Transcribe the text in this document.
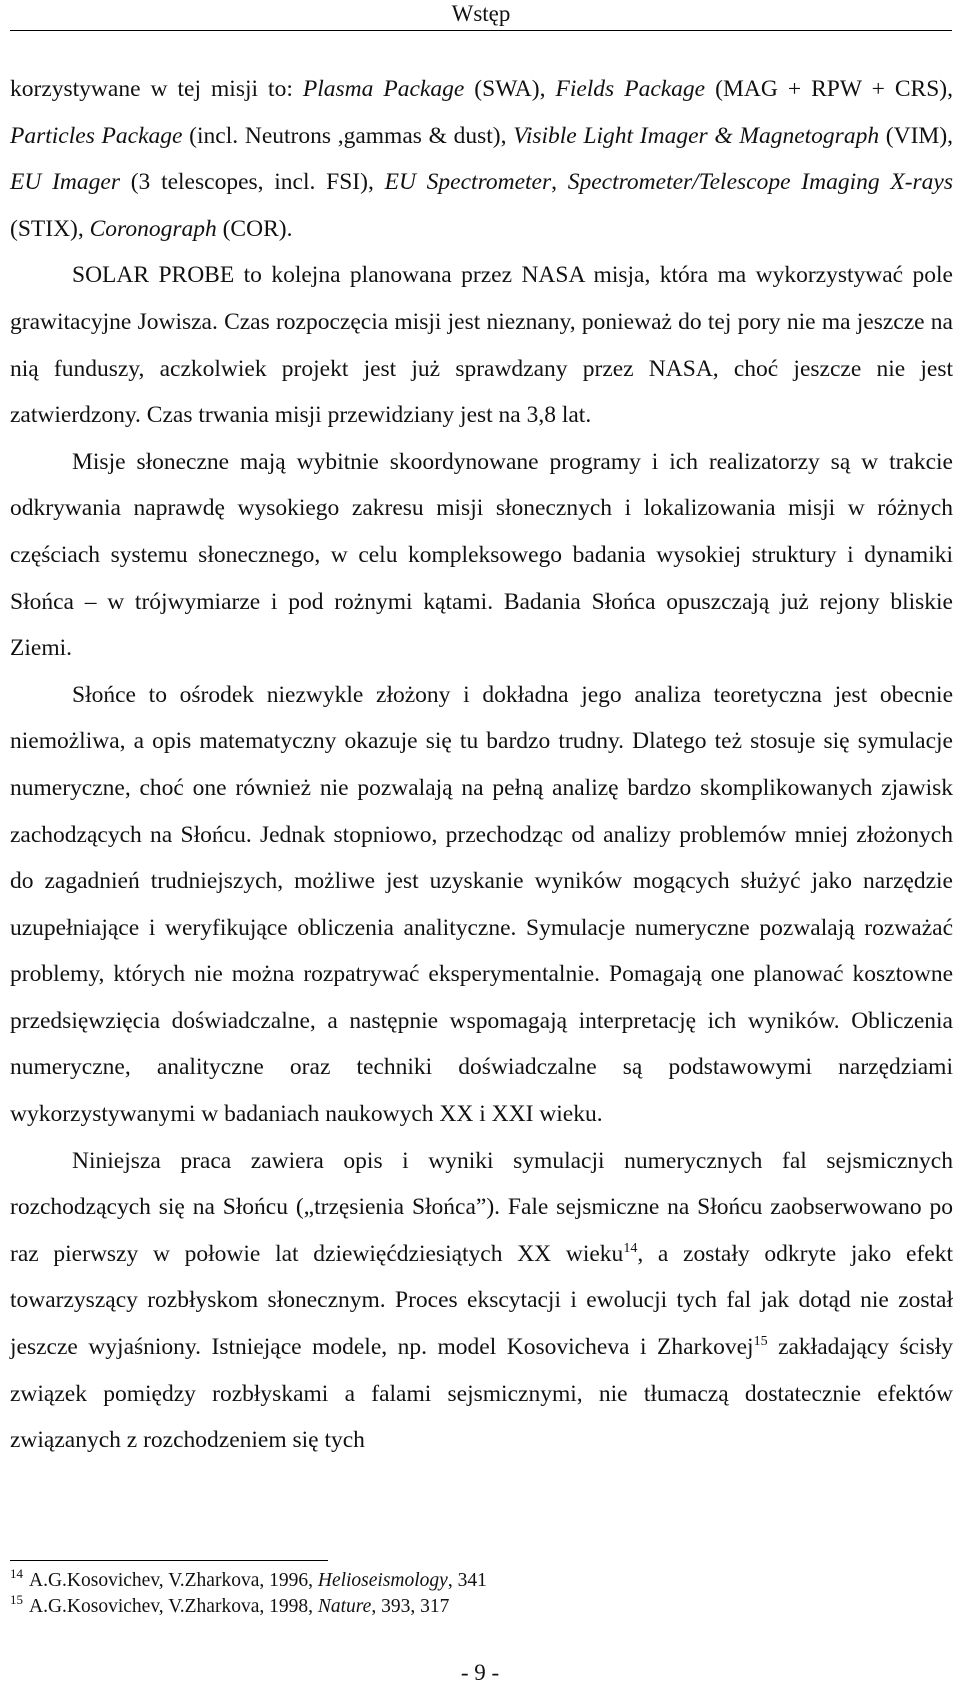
Wstęp

korzystywane w tej misji to: Plasma Package (SWA), Fields Package (MAG + RPW + CRS), Particles Package (incl. Neutrons ,gammas & dust), Visible Light Imager & Magnetograph (VIM), EU Imager (3 telescopes, incl. FSI), EU Spectrometer, Spectrometer/Telescope Imaging X-rays (STIX), Coronograph (COR).

SOLAR PROBE to kolejna planowana przez NASA misja, która ma wykorzystywać pole grawitacyjne Jowisza. Czas rozpoczęcia misji jest nieznany, ponieważ do tej pory nie ma jeszcze na nią funduszy, aczkolwiek projekt jest już sprawdzany przez NASA, choć jeszcze nie jest zatwierdzony. Czas trwania misji przewidziany jest na 3,8 lat.

Misje słoneczne mają wybitnie skoordynowane programy i ich realizatorzy są w trakcie odkrywania naprawdę wysokiego zakresu misji słonecznych i lokalizowania misji w różnych częściach systemu słonecznego, w celu kompleksowego badania wysokiej struktury i dynamiki Słońca – w trójwymiarze i pod rożnymi kątami. Badania Słońca opuszczają już rejony bliskie Ziemi.

Słońce to ośrodek niezwykle złożony i dokładna jego analiza teoretyczna jest obecnie niemożliwa, a opis matematyczny okazuje się tu bardzo trudny. Dlatego też stosuje się symulacje numeryczne, choć one również nie pozwalają na pełną analizę bardzo skomplikowanych zjawisk zachodzących na Słońcu. Jednak stopniowo, przechodząc od analizy problemów mniej złożonych do zagadnień trudniejszych, możliwe jest uzyskanie wyników mogących służyć jako narzędzie uzupełniające i weryfikujące obliczenia analityczne. Symulacje numeryczne pozwalają rozważać problemy, których nie można rozpatrywać eksperymentalnie. Pomagają one planować kosztowne przedsięwzięcia doświadczalne, a następnie wspomagają interpretację ich wyników. Obliczenia numeryczne, analityczne oraz techniki doświadczalne są podstawowymi narzędziami wykorzystywanymi w badaniach naukowych XX i XXI wieku.

Niniejsza praca zawiera opis i wyniki symulacji numerycznych fal sejsmicznych rozchodzących się na Słońcu („trzęsienia Słońca”). Fale sejsmiczne na Słońcu zaobserwowano po raz pierwszy w połowie lat dziewięćdziesiątych XX wieku$^{14}$, a zostały odkryte jako efekt towarzyszący rozbłyskom słonecznym. Proces ekscytacji i ewolucji tych fal jak dotąd nie został jeszcze wyjaśniony. Istniejące modele, np. model Kosovicheva i Zharkovej$^{15}$ zakładający ścisły związek pomiędzy rozbłyskami a falami sejsmicznymi, nie tłumaczą dostatecznie efektów związanych z rozchodzeniem się tych

$^{14}$ A.G.Kosovichev, V.Zharkova, 1996, Helioseismology, 341
$^{15}$ A.G.Kosovichev, V.Zharkova, 1998, Nature, 393, 317
- 9 -
